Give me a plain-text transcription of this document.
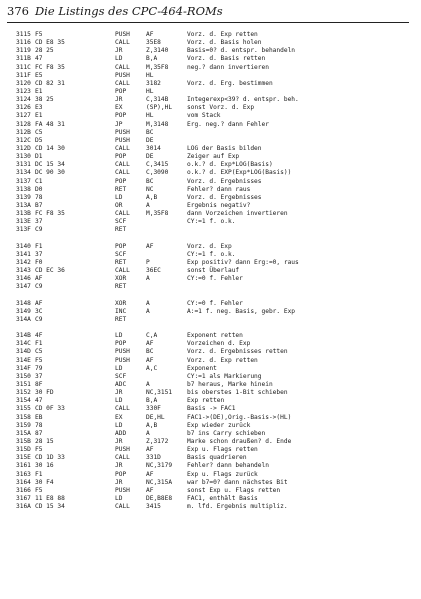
376 Die Listings des CPC-464-ROMs
3115 F5	PUSH	AF	Vorz. d. Exp retten
3116 CD E8 35	CALL	35E8	Vorz. d. Basis holen
3119 28 25	JR	Z,3140	Basis=0? d. entspr. behandeln
311B 47	LD	B,A	Vorz. d. Basis retten
311C FC F8 35	CALL	M,35F8	neg.? dann invertieren
311F E5	PUSH	HL
3120 CD 82 31	CALL	3182	Vorz. d. Erg. bestimmen
3123 E1	POP	HL
3124 38 25	JR	C,314B	Integerexp<39? d. entspr. beh.
3126 E3	EX	(SP),HL sonst Vorz. d. Exp
3127 E1	POP	HL	vom Stack
3128 FA 48 31	JP	M,3148	Erg. neg.? dann Fehler
312B C5	PUSH	BC
312C D5	PUSH	DE
312D CD 14 30	CALL	3014	LOG der Basis bilden
3130 D1	POP	DE	Zeiger auf Exp
3131 DC 15 34	CALL	C,3415	o.k.? d. Exp*LOG(Basis)
3134 DC 90 30	CALL	C,3090	o.k.? d. EXP(Exp*LOG(Basis))
3137 C1	POP	BC	Vorz. d. Ergebnisses
3138 D0	RET	NC	Fehler? dann raus
3139 78	LD	A,B	Vorz. d. Ergebnisses
313A B7	OR	A	Ergebnis negativ?
313B FC F8 35	CALL	M,35F8	dann Vorzeichen invertieren
313E 37	SCF	CY:=1 f. o.k.
313F C9	RET
3140 F1	POP	AF	Vorz. d. Exp
3141 37	SCF	CY:=1 f. o.k.
3142 F0	RET	P	Exp positiv? dann Erg:=0, raus
3143 CD EC 36	CALL	36EC	sonst Überlauf
3146 AF	XOR	A	CY:=0 f. Fehler
3147 C9	RET
3148 AF	XOR	A	CY:=0 f. Fehler
3149 3C	INC	A	A:=1 f. neg. Basis, gebr. Exp
314A C9	RET
314B 4F	LD	C,A	Exponent retten
314C F1	POP	AF	Vorzeichen d. Exp
314D C5	PUSH	BC	Vorz. d. Ergebnisses retten
314E F5	PUSH	AF	Vorz. d. Exp retten
314F 79	LD	A,C	Exponent
3150 37	SCF	CY:=1 als Markierung
3151 8F	ADC	A	b7 heraus, Marke hinein
3152 30 FD	JR	NC,3151 bis oberstes 1-Bit schieben
3154 47	LD	B,A	Exp retten
3155 CD 0F 33	CALL	330F	Basis -> FAC1
3158 EB	EX	DE,HL	FAC1->(DE),Orig.-Basis->(HL)
3159 78	LD	A,B	Exp wieder zurück
315A 87	ADD	A	b7 ins Carry schieben
315B 28 15	JR	Z,3172	Marke schon draußen? d. Ende
315D F5	PUSH	AF	Exp u. Flags retten
315E CD 1D 33	CALL	331D	Basis quadrieren
3161 30 16	JR	NC,3179 Fehler? dann behandeln
3163 F1	POP	AF	Exp u. Flags zurück
3164 30 F4	JR	NC,315A war b7=0? dann nächstes Bit
3166 F5	PUSH	AF	sonst Exp u. Flags retten
3167 11 E8 88	LD	DE,B8E8 FAC1, enthält Basis
316A CD 15 34	CALL	3415	m. lfd. Ergebnis multipliz.
